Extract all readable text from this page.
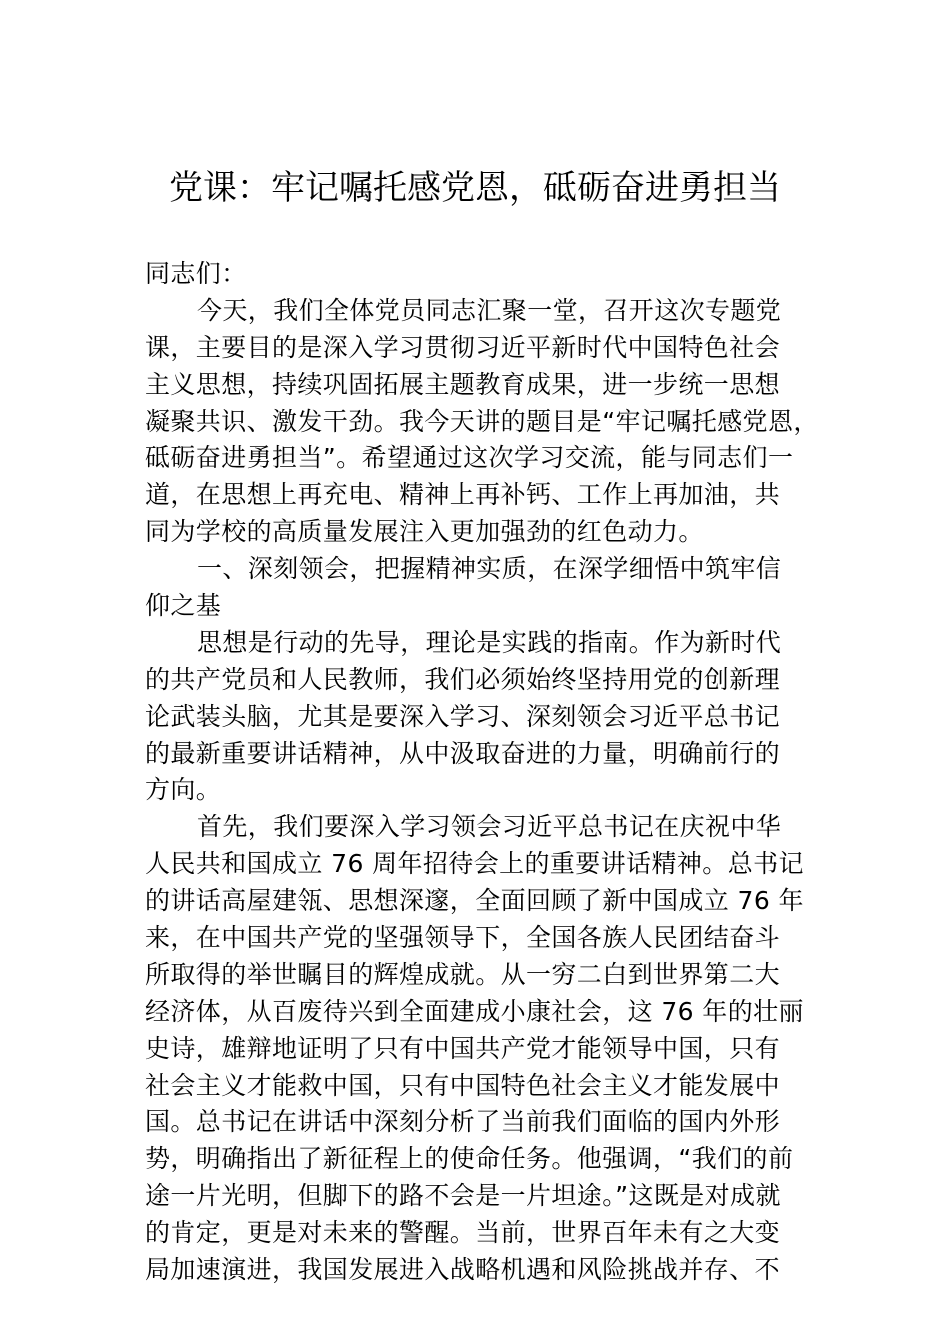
党课：牢记嘱托感党恩，砥砺奋进勇担当
同志们：
今天，我们全体党员同志汇聚一堂，召开这次专题党
课，主要目的是深入学习贯彻习近平新时代中国特色社会
主义思想，持续巩固拓展主题教育成果，进一步统一思想
凝聚共识、激发干劲。我今天讲的题目是“牢记嘱托感党恩，
砥砺奋进勇担当”。希望通过这次学习交流，能与同志们一
道，在思想上再充电、精神上再补钙、工作上再加油，共
同为学校的高质量发展注入更加强劲的红色动力。
一、深刻领会，把握精神实质，在深学细悟中筑牢信
仰之基
思想是行动的先导，理论是实践的指南。作为新时代
的共产党员和人民教师，我们必须始终坚持用党的创新理
论武装头脑，尤其是要深入学习、深刻领会习近平总书记
的最新重要讲话精神，从中汲取奋进的力量，明确前行的
方向。
首先，我们要深入学习领会习近平总书记在庆祝中华
人民共和国成立 76 周年招待会上的重要讲话精神。总书记
的讲话高屋建瓴、思想深邃，全面回顾了新中国成立 76 年
来，在中国共产党的坚强领导下，全国各族人民团结奋斗
所取得的举世瞩目的辉煌成就。从一穷二白到世界第二大
经济体，从百废待兴到全面建成小康社会，这 76 年的壮丽
史诗，雄辩地证明了只有中国共产党才能领导中国，只有
社会主义才能救中国，只有中国特色社会主义才能发展中
国。总书记在讲话中深刻分析了当前我们面临的国内外形
势，明确指出了新征程上的使命任务。他强调，“我们的前
途一片光明，但脚下的路不会是一片坦途。”这既是对成就
的肯定，更是对未来的警醒。当前，世界百年未有之大变
局加速演进，我国发展进入战略机遇和风险挑战并存、不
